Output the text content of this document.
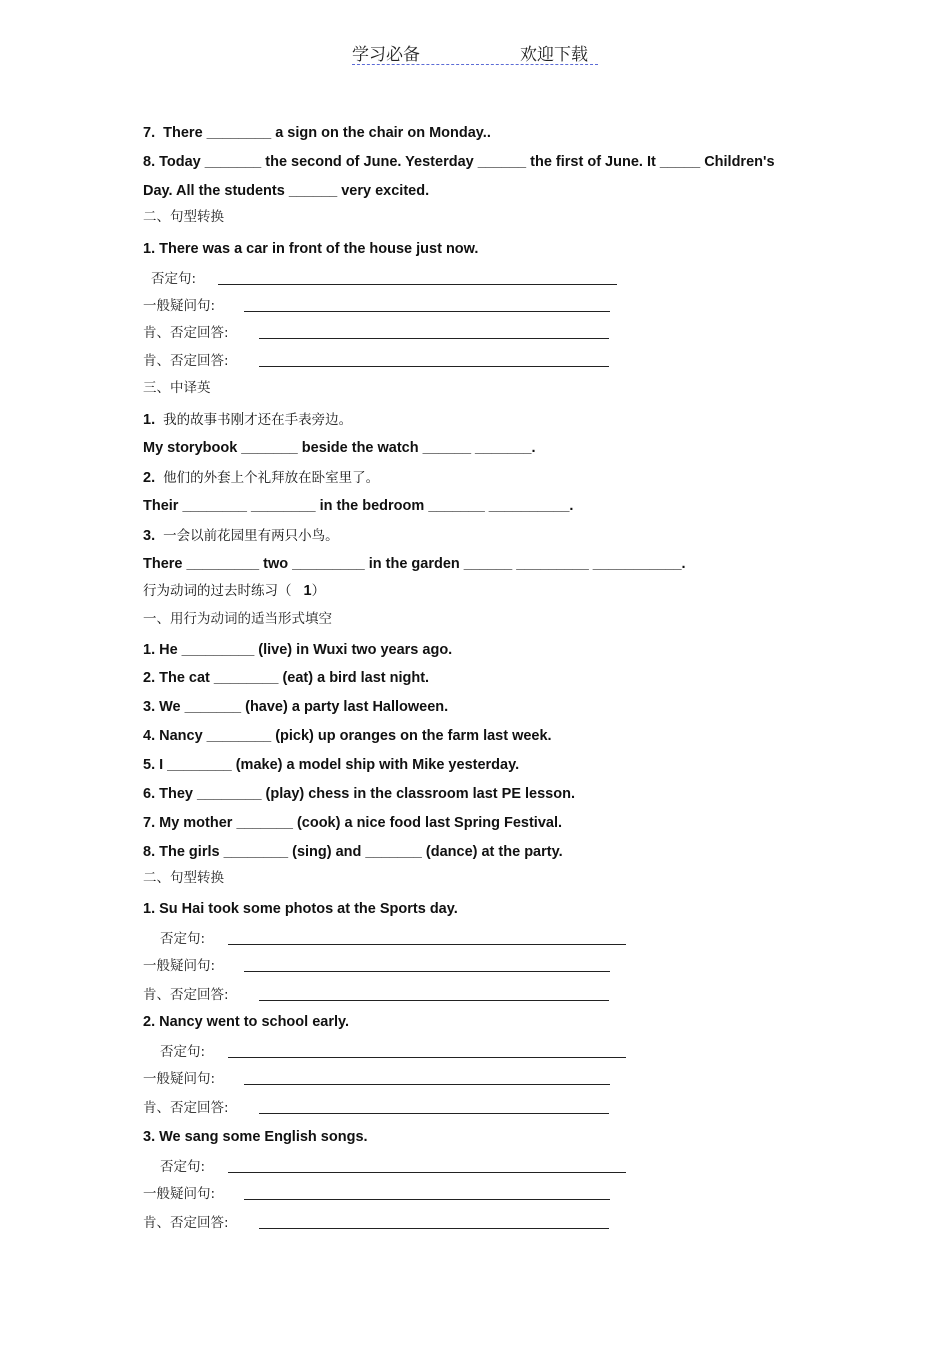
学习必备	欢迎下载
7.  There ________ a sign on the chair on Monday..
8. Today _______ the second of June. Yesterday ______ the first of June. It _____ Children's
Day. All the students ______ very excited.
二、句型转换
1. There was a car in front of the house just now.
否定句:
一般疑问句:
肯、否定回答:
肯、否定回答:
三、中译英
1. 我的故事书刚才还在手表旁边。
My storybook _______ beside the watch ______ _______.
2. 他们的外套上个礼拜放在卧室里了。
Their ________ ________ in the bedroom _______ __________.
3. 一会以前花园里有两只小鸟。
There _________ two _________ in the garden ______ _________ ___________.
行为动词的过去时练习（ 1）
一、用行为动词的适当形式填空
1. He _________ (live) in Wuxi two years ago.
2. The cat ________ (eat) a bird last night.
3. We _______ (have) a party last Halloween.
4. Nancy ________ (pick) up oranges on the farm last week.
5. I ________ (make) a model ship with Mike yesterday.
6. They ________ (play) chess in the classroom last PE lesson.
7. My mother _______ (cook) a nice food last Spring Festival.
8. The girls ________ (sing) and _______ (dance) at the party.
二、句型转换
1. Su Hai took some photos at the Sports day.
否定句:
一般疑问句:
肯、否定回答:
2. Nancy went to school early.
否定句:
一般疑问句:
肯、否定回答:
3. We sang some English songs.
否定句:
一般疑问句:
肯、否定回答:
